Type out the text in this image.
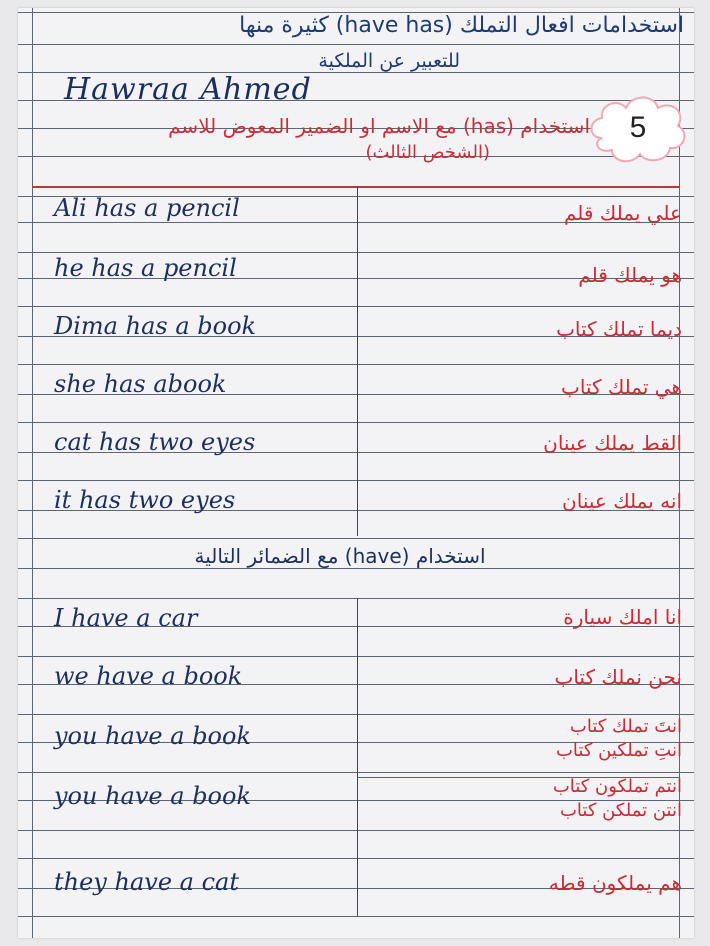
استخدامات افعال التملك (have has) كثيرة منها
للتعبير عن الملكية
Hawraa Ahmed
استخدام (has) مع الاسم او الضمير المعوض للاسم
(الشخص الثالث)
5
Ali has a pencil	علي يملك قلم
he has a pencil	هو يملك قلم
Dima has a book	ديما تملك كتاب
she has abook	هي تملك كتاب
cat has two eyes	القط يملك عينان
it has two eyes	انه يملك عينان
استخدام (have) مع الضمائر التالية
I have a car	انا املك سيارة
we have a book	نحن نملك كتاب
you have a book	انتَ تملك كتاب
انتِ تملكين كتاب
you have a book	انتم تملكون كتاب
انتن تملكن كتاب
they have a cat	هم يملكون قطه
